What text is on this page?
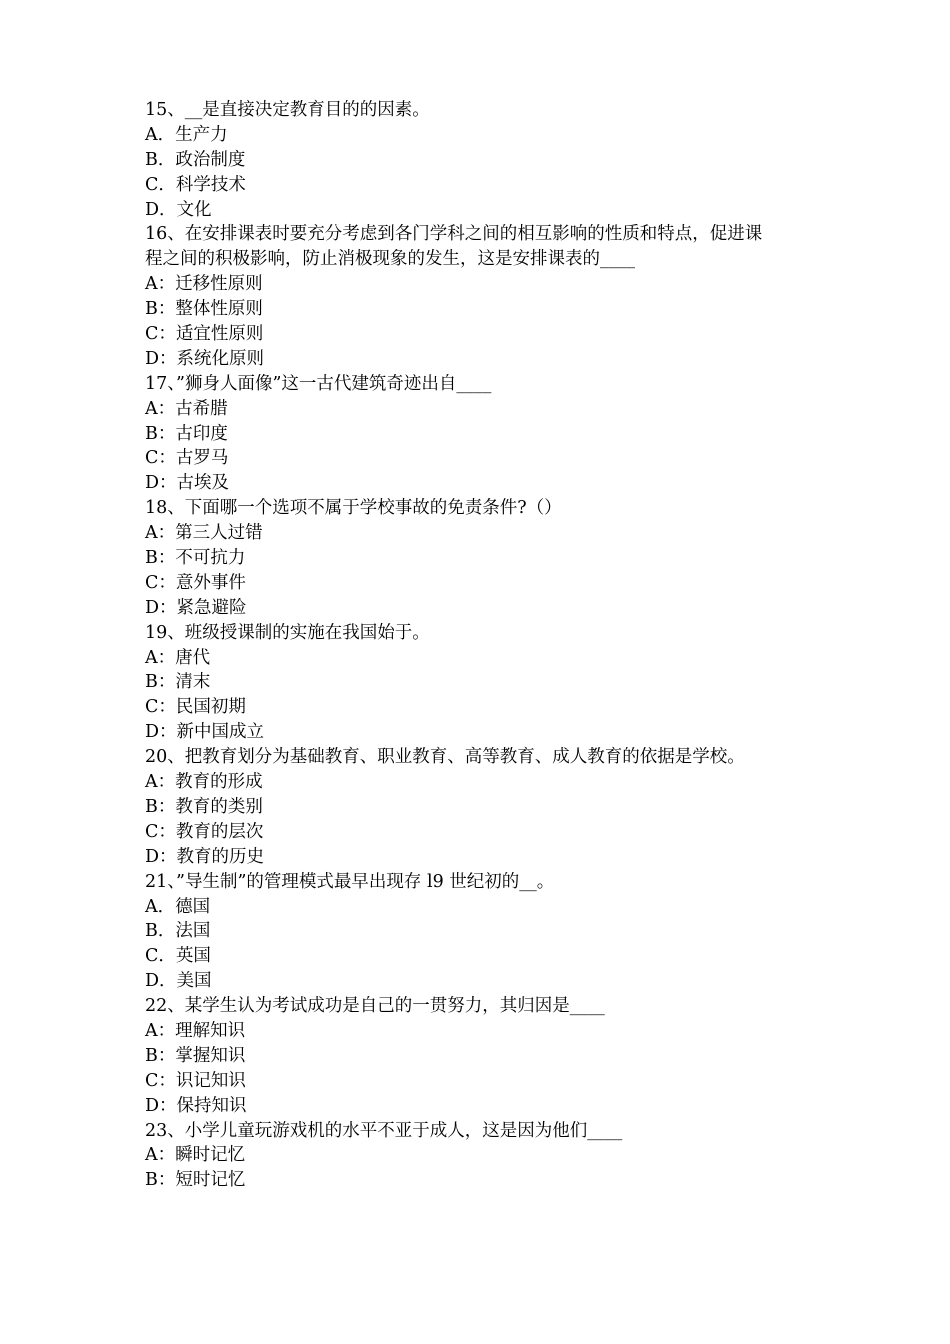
15、__是直接决定教育目的的因素。
A．生产力
B．政治制度
C．科学技术
D．文化
16、在安排课表时要充分考虑到各门学科之间的相互影响的性质和特点，促进课
程之间的积极影响，防止消极现象的发生，这是安排课表的____
A：迁移性原则
B：整体性原则
C：适宜性原则
D：系统化原则
17、”狮身人面像”这一古代建筑奇迹出自____
A：古希腊
B：古印度
C：古罗马
D：古埃及
18、下面哪一个选项不属于学校事故的免责条件?（）
A：第三人过错
B：不可抗力
C：意外事件
D：紧急避险
19、班级授课制的实施在我国始于。
A：唐代
B：清末
C：民国初期
D：新中国成立
20、把教育划分为基础教育、职业教育、高等教育、成人教育的依据是学校。
A：教育的形成
B：教育的类别
C：教育的层次
D：教育的历史
21、”导生制”的管理模式最早出现存 l9 世纪初的__。
A．德国
B．法国
C．英国
D．美国
22、某学生认为考试成功是自己的一贯努力，其归因是____
A：理解知识
B：掌握知识
C：识记知识
D：保持知识
23、小学儿童玩游戏机的水平不亚于成人，这是因为他们____
A：瞬时记忆
B：短时记忆
